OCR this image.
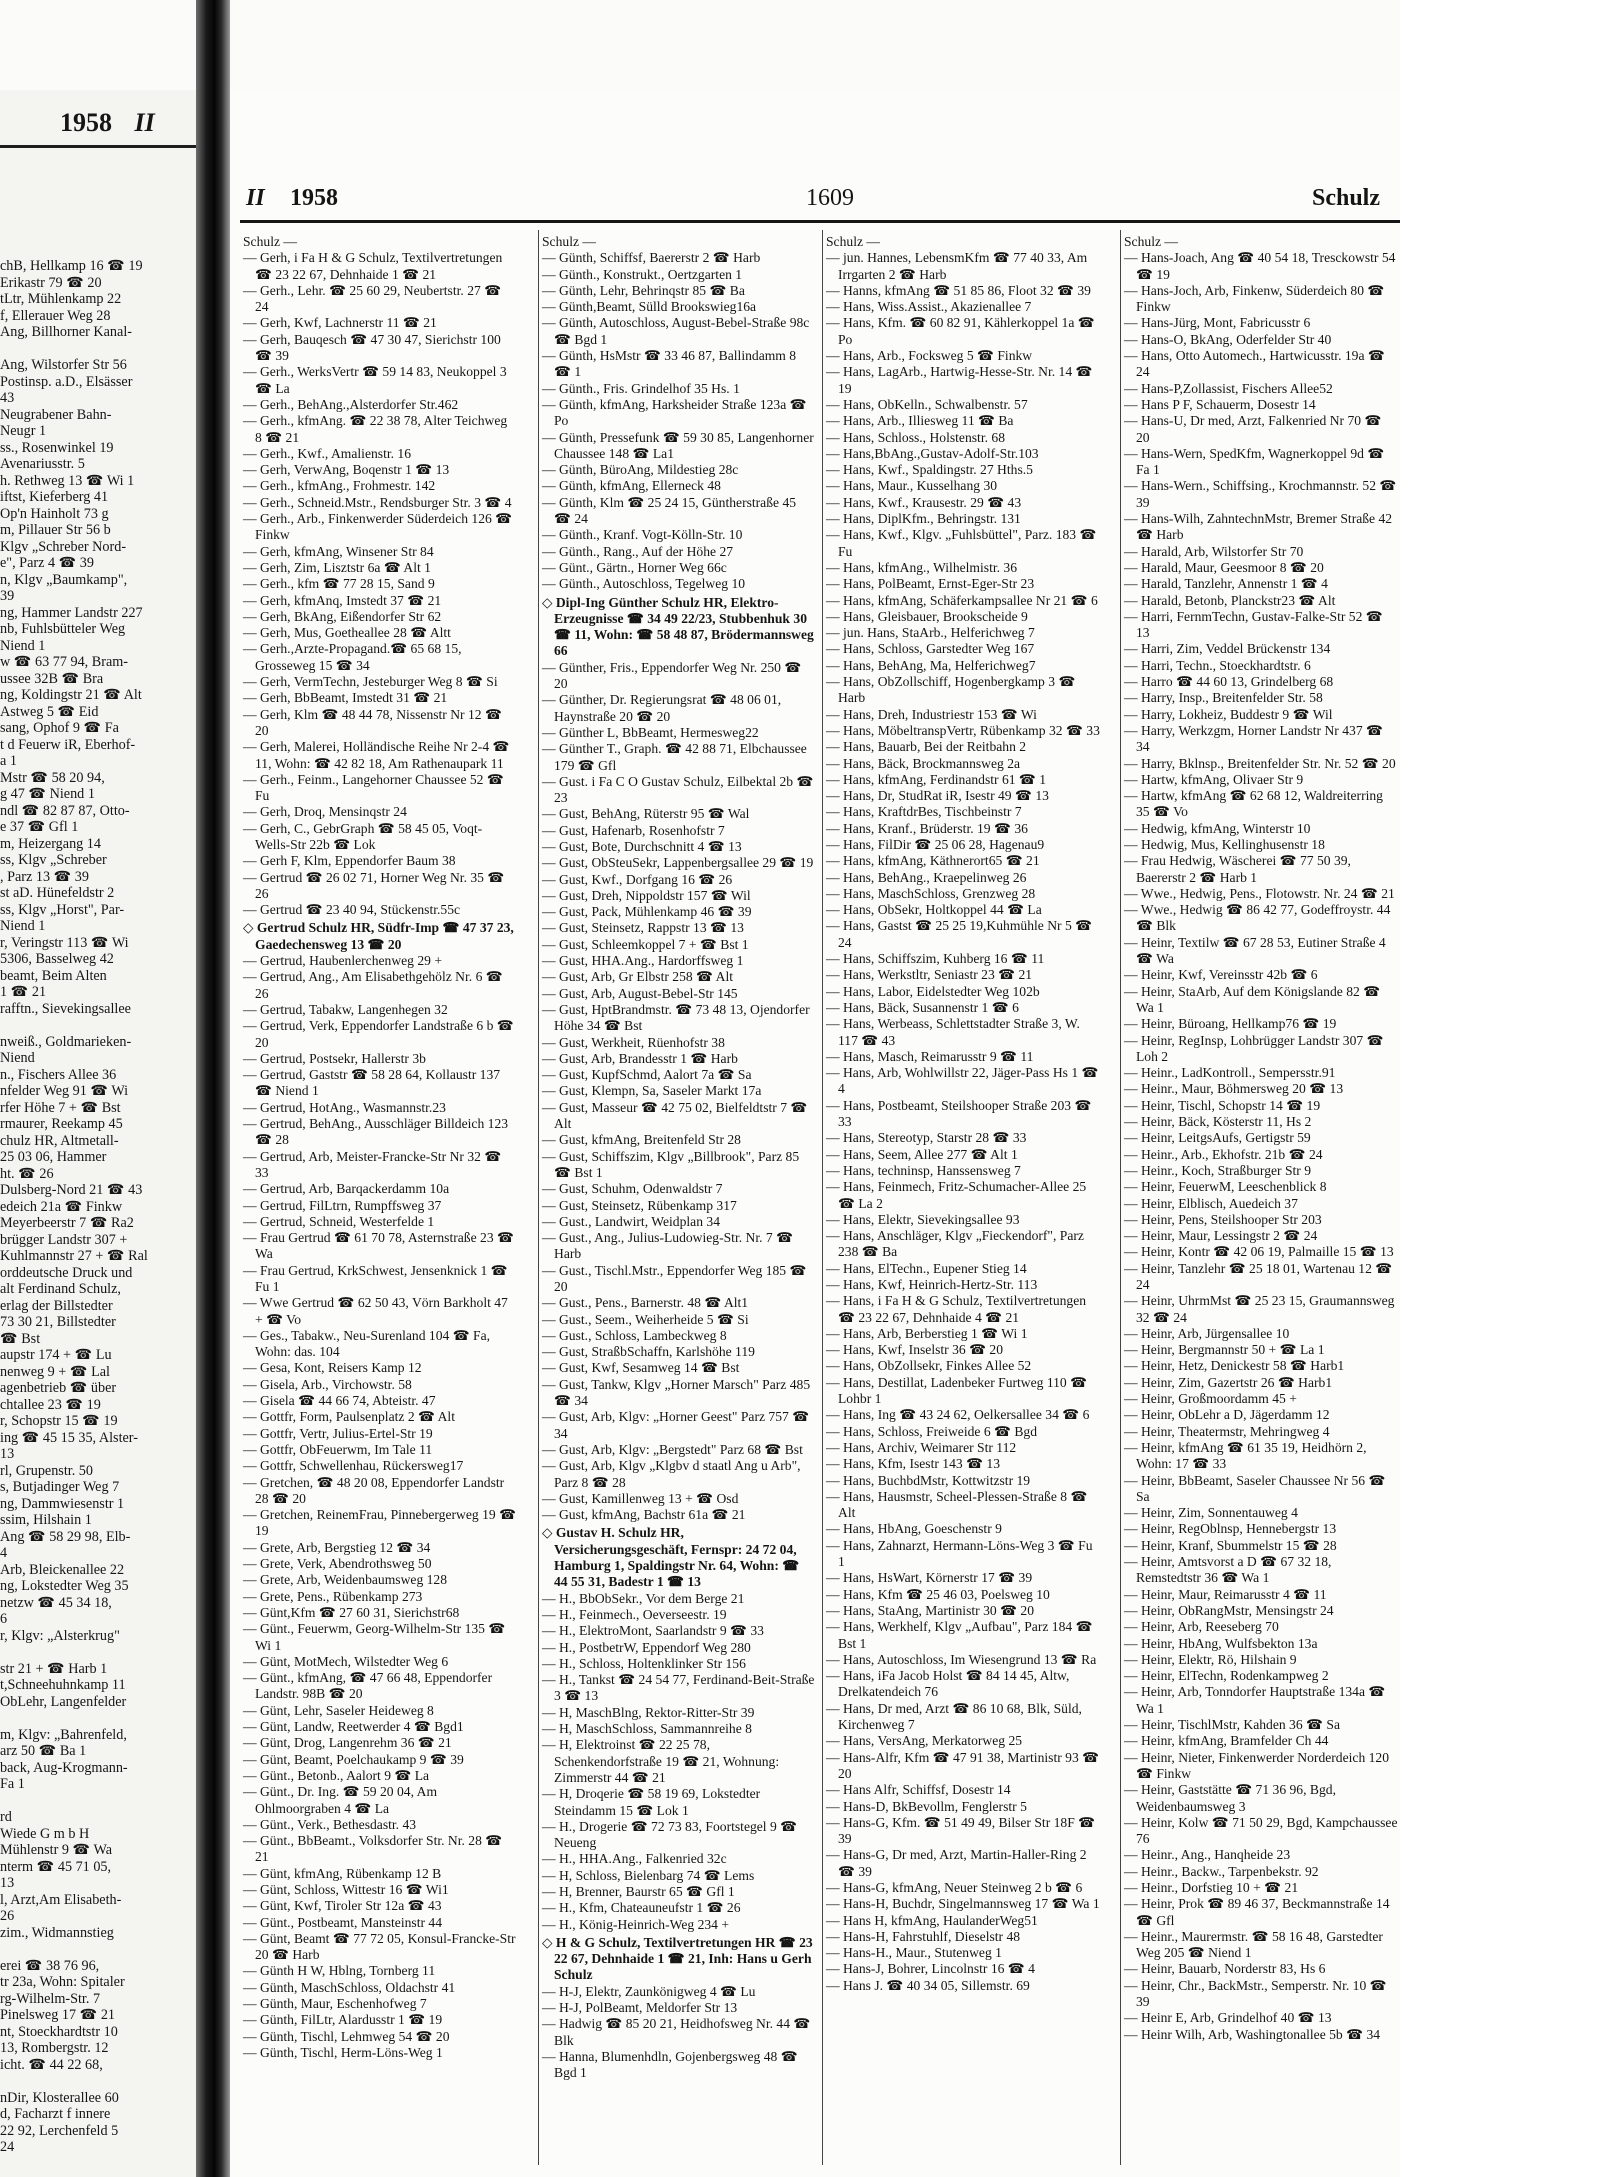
1958 II
chB, Hellkamp 16 ☎ 19
Erikastr 79 ☎ 20
tLtr, Mühlenkamp 22
f, Ellerauer Weg 28
Ang, Billhorner Kanal-

Ang, Wilstorfer Str 56
Postinsp. a.D., Elsässer
43
Neugrabener Bahn-
Neugr 1
ss., Rosenwinkel 19
Avenariusstr. 5
h. Rethweg 13 ☎ Wi 1
iftst, Kieferberg 41
Op'n Hainholt 73 g
m, Pillauer Str 56 b
Klgv „Schreber Nord-
e", Parz 4 ☎ 39
n, Klgv „Baumkamp",
39
ng, Hammer Landstr 227
nb, Fuhlsbütteler Weg
Niend 1
w ☎ 63 77 94, Bram-
ussee 32B ☎ Bra
ng, Koldingstr 21 ☎ Alt
Astweg 5 ☎ Eid
sang, Ophof 9 ☎ Fa
t d Feuerw iR, Eberhof-
a 1
Mstr ☎ 58 20 94,
g 47 ☎ Niend 1
ndl ☎ 82 87 87, Otto-
e 37 ☎ Gfl 1
m, Heizergang 14
ss, Klgv „Schreber
, Parz 13 ☎ 39
st aD. Hünefeldstr 2
ss, Klgv „Horst", Par-
Niend 1
r, Veringstr 113 ☎ Wi
5306, Basselweg 42
beamt, Beim Alten
1 ☎ 21
rafftn., Sievekingsallee

nweiß., Goldmarieken-
Niend
n., Fischers Allee 36
nfelder Weg 91 ☎ Wi
rfer Höhe 7 + ☎ Bst
rmaurer, Reekamp 45
chulz HR, Altmetall-
25 03 06, Hammer
ht. ☎ 26
Dulsberg-Nord 21 ☎ 43
edeich 21a ☎ Finkw
Meyerbeerstr 7 ☎ Ra2
brügger Landstr 307 +
Kuhlmannstr 27 + ☎ Ral
orddeutsche Druck und
alt Ferdinand Schulz,
erlag der Billstedter
73 30 21, Billstedter
☎ Bst
aupstr 174 + ☎ Lu
nenweg 9 + ☎ Lal
agenbetrieb ☎ über
chtallee 23 ☎ 19
r, Schopstr 15 ☎ 19
ing ☎ 45 15 35, Alster-
13
rl, Grupenstr. 50
s, Butjadinger Weg 7
ng, Dammwiesenstr 1
ssim, Hilshain 1
Ang ☎ 58 29 98, Elb-
4
Arb, Bleickenallee 22
ng, Lokstedter Weg 35
netzw ☎ 45 34 18,
6
r, Klgv: „Alsterkrug"

str 21 + ☎ Harb 1
t,Schneehuhnkamp 11
ObLehr, Langenfelder

m, Klgv: „Bahrenfeld,
arz 50 ☎ Ba 1
back, Aug-Krogmann-
Fa 1

rd
Wiede G m b H
Mühlenstr 9 ☎ Wa
nterm ☎ 45 71 05,
13
l, Arzt,Am Elisabeth-
26
zim., Widmannstieg

erei ☎ 38 76 96,
tr 23a, Wohn: Spitaler
rg-Wilhelm-Str. 7
Pinelsweg 17 ☎ 21
nt, Stoeckhardtstr 10
13, Rombergstr. 12
icht. ☎ 44 22 68,

nDir, Klosterallee 60
d, Facharzt f innere
22 92, Lerchenfeld 5
24
II 1958	1609	Schulz
Schulz —
— Gerh, i Fa H & G Schulz, Textilvertretungen ☎ 23 22 67, Dehnhaide 1 ☎ 21
— Gerh., Lehr. ☎ 25 60 29, Neubertstr. 27 ☎ 24
— Gerh, Kwf, Lachnerstr 11 ☎ 21
— Gerh, Bauqesch ☎ 47 30 47, Sierichstr 100 ☎ 39
— Gerh., WerksVertr ☎ 59 14 83, Neukoppel 3 ☎ La
— Gerh., BehAng.,Alsterdorfer Str.462
— Gerh., kfmAng. ☎ 22 38 78, Alter Teichweg 8 ☎ 21
— Gerh., Kwf., Amalienstr. 16
— Gerh, VerwAng, Boqenstr 1 ☎ 13
— Gerh., kfmAng., Frohmestr. 142
— Gerh., Schneid.Mstr., Rendsburger Str. 3 ☎ 4
— Gerh., Arb., Finkenwerder Süderdeich 126 ☎ Finkw
— Gerh, kfmAng, Winsener Str 84
— Gerh, Zim, Lisztstr 6a ☎ Alt 1
— Gerh., kfm ☎ 77 28 15, Sand 9
— Gerh, kfmAnq, Imstedt 37 ☎ 21
— Gerh, BkAng, Eißendorfer Str 62
— Gerh, Mus, Goetheallee 28 ☎ Altt
— Gerh.,Arzte-Propagand.☎ 65 68 15, Grosseweg 15 ☎ 34
— Gerh, VermTechn, Jesteburger Weg 8 ☎ Si
— Gerh, BbBeamt, Imstedt 31 ☎ 21
— Gerh, Klm ☎ 48 44 78, Nissenstr Nr 12 ☎ 20
— Gerh, Malerei, Holländische Reihe Nr 2-4 ☎ 11, Wohn: ☎ 42 82 18, Am Rathenaupark 11
— Gerh., Feinm., Langehorner Chaussee 52 ☎ Fu
— Gerh, Droq, Mensinqstr 24
— Gerh, C., GebrGraph ☎ 58 45 05, Voqt-Wells-Str 22b ☎ Lok
— Gerh F, Klm, Eppendorfer Baum 38
— Gertrud ☎ 26 02 71, Horner Weg Nr. 35 ☎ 26
— Gertrud ☎ 23 40 94, Stückenstr.55c
◇ Gertrud Schulz HR, Südfr-Imp ☎ 47 37 23, Gaedechensweg 13 ☎ 20
— Gertrud, Haubenlerchenweg 29 +
— Gertrud, Ang., Am Elisabethgehölz Nr. 6 ☎ 26
— Gertrud, Tabakw, Langenhegen 32
— Gertrud, Verk, Eppendorfer Landstraße 6 b ☎ 20
— Gertrud, Postsekr, Hallerstr 3b
— Gertrud, Gaststr ☎ 58 28 64, Kollaustr 137 ☎ Niend 1
— Gertrud, HotAng., Wasmannstr.23
— Gertrud, BehAng., Ausschläger Billdeich 123 ☎ 28
— Gertrud, Arb, Meister-Francke-Str Nr 32 ☎ 33
— Gertrud, Arb, Barqackerdamm 10a
— Gertrud, FilLtrn, Rumpffsweg 37
— Gertrud, Schneid, Westerfelde 1
— Frau Gertrud ☎ 61 70 78, Asternstraße 23 ☎ Wa
— Frau Gertrud, KrkSchwest, Jensenknick 1 ☎ Fu 1
— Wwe Gertrud ☎ 62 50 43, Vörn Barkholt 47 + ☎ Vo
— Ges., Tabakw., Neu-Surenland 104 ☎ Fa, Wohn: das. 104
— Gesa, Kont, Reisers Kamp 12
— Gisela, Arb., Virchowstr. 58
— Gisela ☎ 44 66 74, Abteistr. 47
— Gottfr, Form, Paulsenplatz 2 ☎ Alt
— Gottfr, Vertr, Julius-Ertel-Str 19
— Gottfr, ObFeuerwm, Im Tale 11
— Gottfr, Schwellenhau, Rückersweg17
— Gretchen, ☎ 48 20 08, Eppendorfer Landstr 28 ☎ 20
— Gretchen, ReinemFrau, Pinnebergerweg 19 ☎ 19
— Grete, Arb, Bergstieg 12 ☎ 34
— Grete, Verk, Abendrothsweg 50
— Grete, Arb, Weidenbaumsweg 128
— Grete, Pens., Rübenkamp 273
— Günt,Kfm ☎ 27 60 31, Sierichstr68
— Günt., Feuerwm, Georg-Wilhelm-Str 135 ☎ Wi 1
— Günt, MotMech, Wilstedter Weg 6
— Günt., kfmAng, ☎ 47 66 48, Eppendorfer Landstr. 98B ☎ 20
— Günt, Lehr, Saseler Heideweg 8
— Günt, Landw, Reetwerder 4 ☎ Bgd1
— Günt, Drog, Langenrehm 36 ☎ 21
— Günt, Beamt, Poelchaukamp 9 ☎ 39
— Günt., Betonb., Aalort 9 ☎ La
— Günt., Dr. Ing. ☎ 59 20 04, Am Ohlmoorgraben 4 ☎ La
— Günt., Verk., Bethesdastr. 43
— Günt., BbBeamt., Volksdorfer Str. Nr. 28 ☎ 21
— Günt, kfmAng, Rübenkamp 12 B
— Günt, Schloss, Wittestr 16 ☎ Wi1
— Günt, Kwf, Tiroler Str 12a ☎ 43
— Günt., Postbeamt, Mansteinstr 44
— Günt, Beamt ☎ 77 72 05, Konsul-Francke-Str 20 ☎ Harb
— Günth H W, Hblng, Tornberg 11
— Günth, MaschSchloss, Oldachstr 41
— Günth, Maur, Eschenhofweg 7
— Günth, FilLtr, Alardusstr 1 ☎ 19
— Günth, Tischl, Lehmweg 54 ☎ 20
— Günth, Tischl, Herm-Löns-Weg 1
Schulz —
— Günth, Schiffsf, Baererstr 2 ☎ Harb
— Günth., Konstrukt., Oertzgarten 1
— Günth, Lehr, Behrinqstr 85 ☎ Ba
— Günth,Beamt, Sülld Brookswieg16a
— Günth, Autoschloss, August-Bebel-Straße 98c ☎ Bgd 1
— Günth, HsMstr ☎ 33 46 87, Ballindamm 8 ☎ 1
— Günth., Fris. Grindelhof 35 Hs. 1
— Günth, kfmAng, Harksheider Straße 123a ☎ Po
— Günth, Pressefunk ☎ 59 30 85, Langenhorner Chaussee 148 ☎ La1
— Günth, BüroAng, Mildestieg 28c
— Günth, kfmAng, Ellerneck 48
— Günth, Klm ☎ 25 24 15, Güntherstraße 45 ☎ 24
— Günth., Kranf. Vogt-Kölln-Str. 10
— Günth., Rang., Auf der Höhe 27
— Günt., Gärtn., Horner Weg 66c
— Günth., Autoschloss, Tegelweg 10
◇ Dipl-Ing Günther Schulz HR, Elektro-Erzeugnisse ☎ 34 49 22/23, Stubbenhuk 30 ☎ 11, Wohn: ☎ 58 48 87, Brödermannsweg 66
— Günther, Fris., Eppendorfer Weg Nr. 250 ☎ 20
— Günther, Dr. Regierungsrat ☎ 48 06 01, Haynstraße 20 ☎ 20
— Günther L, BbBeamt, Hermesweg22
— Günther T., Graph. ☎ 42 88 71, Elbchaussee 179 ☎ Gfl
— Gust. i Fa C O Gustav Schulz, Eilbektal 2b ☎ 23
— Gust, BehAng, Rüterstr 95 ☎ Wal
— Gust, Hafenarb, Rosenhofstr 7
— Gust, Bote, Durchschnitt 4 ☎ 13
— Gust, ObSteuSekr, Lappenbergsallee 29 ☎ 19
— Gust, Kwf., Dorfgang 16 ☎ 26
— Gust, Dreh, Nippoldstr 157 ☎ Wil
— Gust, Pack, Mühlenkamp 46 ☎ 39
— Gust, Steinsetz, Rappstr 13 ☎ 13
— Gust, Schleemkoppel 7 + ☎ Bst 1
— Gust, HHA.Ang., Hardorffsweg 1
— Gust, Arb, Gr Elbstr 258 ☎ Alt
— Gust, Arb, August-Bebel-Str 145
— Gust, HptBrandmstr. ☎ 73 48 13, Ojendorfer Höhe 34 ☎ Bst
— Gust, Werkheit, Rüenhofstr 38
— Gust, Arb, Brandesstr 1 ☎ Harb
— Gust, KupfSchmd, Aalort 7a ☎ Sa
— Gust, Klempn, Sa, Saseler Markt 17a
— Gust, Masseur ☎ 42 75 02, Bielfeldtstr 7 ☎ Alt
— Gust, kfmAng, Breitenfeld Str 28
— Gust, Schiffszim, Klgv „Billbrook", Parz 85 ☎ Bst 1
— Gust, Schuhm, Odenwaldstr 7
— Gust, Steinsetz, Rübenkamp 317
— Gust., Landwirt, Weidplan 34
— Gust., Ang., Julius-Ludowieg-Str. Nr. 7 ☎ Harb
— Gust., Tischl.Mstr., Eppendorfer Weg 185 ☎ 20
— Gust., Pens., Barnerstr. 48 ☎ Alt1
— Gust., Seem., Weiherheide 5 ☎ Si
— Gust., Schloss, Lambeckweg 8
— Gust, StraßbSchaffn, Karlshöhe 119
— Gust, Kwf, Sesamweg 14 ☎ Bst
— Gust, Tankw, Klgv „Horner Marsch" Parz 485 ☎ 34
— Gust, Arb, Klgv: „Horner Geest" Parz 757 ☎ 34
— Gust, Arb, Klgv: „Bergstedt" Parz 68 ☎ Bst
— Gust, Arb, Klgv „Klgbv d staatl Ang u Arb", Parz 8 ☎ 28
— Gust, Kamillenweg 13 + ☎ Osd
— Gust, kfmAng, Bachstr 61a ☎ 21
◇ Gustav H. Schulz HR, Versicherungsgeschäft, Fernspr: 24 72 04, Hamburg 1, Spaldingstr Nr. 64, Wohn: ☎ 44 55 31, Badestr 1 ☎ 13
— H., BbObSekr., Vor dem Berge 21
— H., Feinmech., Oeverseestr. 19
— H., ElektroMont, Saarlandstr 9 ☎ 33
— H., PostbetrW, Eppendorf Weg 280
— H., Schloss, Holtenklinker Str 156
— H., Tankst ☎ 24 54 77, Ferdinand-Beit-Straße 3 ☎ 13
— H, MaschBlng, Rektor-Ritter-Str 39
— H, MaschSchloss, Sammannreihe 8
— H, Elektroinst ☎ 22 25 78, Schenkendorfstraße 19 ☎ 21, Wohnung: Zimmerstr 44 ☎ 21
— H, Droqerie ☎ 58 19 69, Lokstedter Steindamm 15 ☎ Lok 1
— H., Drogerie ☎ 72 73 83, Foortstegel 9 ☎ Neueng
— H., HHA.Ang., Falkenried 32c
— H, Schloss, Bielenbarg 74 ☎ Lems
— H, Brenner, Baurstr 65 ☎ Gfl 1
— H., Kfm, Chateauneufstr 1 ☎ 26
— H., König-Heinrich-Weg 234 +
◇ H & G Schulz, Textilvertretungen HR ☎ 23 22 67, Dehnhaide 1 ☎ 21, Inh: Hans u Gerh Schulz
— H-J, Elektr, Zaunkönigweg 4 ☎ Lu
— H-J, PolBeamt, Meldorfer Str 13
— Hadwig ☎ 85 20 21, Heidhofsweg Nr. 44 ☎ Blk
— Hanna, Blumenhdln, Gojenbergsweg 48 ☎ Bgd 1
Schulz —
— jun. Hannes, LebensmKfm ☎ 77 40 33, Am Irrgarten 2 ☎ Harb
— Hanns, kfmAng ☎ 51 85 86, Floot 32 ☎ 39
— Hans, Wiss.Assist., Akazienallee 7
— Hans, Kfm. ☎ 60 82 91, Kählerkoppel 1a ☎ Po
— Hans, Arb., Focksweg 5 ☎ Finkw
— Hans, LagArb., Hartwig-Hesse-Str. Nr. 14 ☎ 19
— Hans, ObKelln., Schwalbenstr. 57
— Hans, Arb., Illiesweg 11 ☎ Ba
— Hans, Schloss., Holstenstr. 68
— Hans,BbAng.,Gustav-Adolf-Str.103
— Hans, Kwf., Spaldingstr. 27 Hths.5
— Hans, Maur., Kusselhang 30
— Hans, Kwf., Krausestr. 29 ☎ 43
— Hans, DiplKfm., Behringstr. 131
— Hans, Kwf., Klgv. „Fuhlsbüttel", Parz. 183 ☎ Fu
— Hans, kfmAng., Wilhelmistr. 36
— Hans, PolBeamt, Ernst-Eger-Str 23
— Hans, kfmAng, Schäferkampsallee Nr 21 ☎ 6
— Hans, Gleisbauer, Brookscheide 9
— jun. Hans, StaArb., Helferichweg 7
— Hans, Schloss, Garstedter Weg 167
— Hans, BehAng, Ma, Helferichweg7
— Hans, ObZollschiff, Hogenbergkamp 3 ☎ Harb
— Hans, Dreh, Industriestr 153 ☎ Wi
— Hans, MöbeltranspVertr, Rübenkamp 32 ☎ 33
— Hans, Bauarb, Bei der Reitbahn 2
— Hans, Bäck, Brockmannsweg 2a
— Hans, kfmAng, Ferdinandstr 61 ☎ 1
— Hans, Dr, StudRat iR, Isestr 49 ☎ 13
— Hans, KraftdrBes, Tischbeinstr 7
— Hans, Kranf., Brüderstr. 19 ☎ 36
— Hans, FilDir ☎ 25 06 28, Hagenau9
— Hans, kfmAng, Käthnerort65 ☎ 21
— Hans, BehAng., Kraepelinweg 26
— Hans, MaschSchloss, Grenzweg 28
— Hans, ObSekr, Holtkoppel 44 ☎ La
— Hans, Gastst ☎ 25 25 19,Kuhmühle Nr 5 ☎ 24
— Hans, Schiffszim, Kuhberg 16 ☎ 11
— Hans, Werkstltr, Seniastr 23 ☎ 21
— Hans, Labor, Eidelstedter Weg 102b
— Hans, Bäck, Susannenstr 1 ☎ 6
— Hans, Werbeass, Schlettstadter Straße 3, W. 117 ☎ 43
— Hans, Masch, Reimarusstr 9 ☎ 11
— Hans, Arb, Wohlwillstr 22, Jäger-Pass Hs 1 ☎ 4
— Hans, Postbeamt, Steilshooper Straße 203 ☎ 33
— Hans, Stereotyp, Starstr 28 ☎ 33
— Hans, Seem, Allee 277 ☎ Alt 1
— Hans, techninsp, Hanssensweg 7
— Hans, Feinmech, Fritz-Schumacher-Allee 25 ☎ La 2
— Hans, Elektr, Sievekingsallee 93
— Hans, Anschläger, Klgv „Fieckendorf", Parz 238 ☎ Ba
— Hans, ElTechn., Eupener Stieg 14
— Hans, Kwf, Heinrich-Hertz-Str. 113
— Hans, i Fa H & G Schulz, Textilvertretungen ☎ 23 22 67, Dehnhaide 4 ☎ 21
— Hans, Arb, Berberstieg 1 ☎ Wi 1
— Hans, Kwf, Inselstr 36 ☎ 20
— Hans, ObZollsekr, Finkes Allee 52
— Hans, Destillat, Ladenbeker Furtweg 110 ☎ Lohbr 1
— Hans, Ing ☎ 43 24 62, Oelkersallee 34 ☎ 6
— Hans, Schloss, Freiweide 6 ☎ Bgd
— Hans, Archiv, Weimarer Str 112
— Hans, Kfm, Isestr 143 ☎ 13
— Hans, BuchbdMstr, Kottwitzstr 19
— Hans, Hausmstr, Scheel-Plessen-Straße 8 ☎ Alt
— Hans, HbAng, Goeschenstr 9
— Hans, Zahnarzt, Hermann-Löns-Weg 3 ☎ Fu 1
— Hans, HsWart, Körnerstr 17 ☎ 39
— Hans, Kfm ☎ 25 46 03, Poelsweg 10
— Hans, StaAng, Martinistr 30 ☎ 20
— Hans, Werkhelf, Klgv „Aufbau", Parz 184 ☎ Bst 1
— Hans, Autoschloss, Im Wiesengrund 13 ☎ Ra
— Hans, iFa Jacob Holst ☎ 84 14 45, Altw, Drelkatendeich 76
— Hans, Dr med, Arzt ☎ 86 10 68, Blk, Süld, Kirchenweg 7
— Hans, VersAng, Merkatorweg 25
— Hans-Alfr, Kfm ☎ 47 91 38, Martinistr 93 ☎ 20
— Hans Alfr, Schiffsf, Dosestr 14
— Hans-D, BkBevollm, Fenglerstr 5
— Hans-G, Kfm. ☎ 51 49 49, Bilser Str 18F ☎ 39
— Hans-G, Dr med, Arzt, Martin-Haller-Ring 2 ☎ 39
— Hans-G, kfmAng, Neuer Steinweg 2 b ☎ 6
— Hans-H, Buchdr, Singelmannsweg 17 ☎ Wa 1
— Hans H, kfmAng, HaulanderWeg51
— Hans-H, Fahrstuhlf, Dieselstr 48
— Hans-H., Maur., Stutenweg 1
— Hans-J, Bohrer, Lincolnstr 16 ☎ 4
— Hans J. ☎ 40 34 05, Sillemstr. 69
Schulz —
— Hans-Joach, Ang ☎ 40 54 18, Tresckowstr 54 ☎ 19
— Hans-Joch, Arb, Finkenw, Süderdeich 80 ☎ Finkw
— Hans-Jürg, Mont, Fabricusstr 6
— Hans-O, BkAng, Oderfelder Str 40
— Hans, Otto Automech., Hartwicusstr. 19a ☎ 24
— Hans-P,Zollassist, Fischers Allee52
— Hans P F, Schauerm, Dosestr 14
— Hans-U, Dr med, Arzt, Falkenried Nr 70 ☎ 20
— Hans-Wern, SpedKfm, Wagnerkoppel 9d ☎ Fa 1
— Hans-Wern., Schiffsing., Krochmannstr. 52 ☎ 39
— Hans-Wilh, ZahntechnMstr, Bremer Straße 42 ☎ Harb
— Harald, Arb, Wilstorfer Str 70
— Harald, Maur, Geesmoor 8 ☎ 20
— Harald, Tanzlehr, Annenstr 1 ☎ 4
— Harald, Betonb, Planckstr23 ☎ Alt
— Harri, FernmTechn, Gustav-Falke-Str 52 ☎ 13
— Harri, Zim, Veddel Brückenstr 134
— Harri, Techn., Stoeckhardtstr. 6
— Harro ☎ 44 60 13, Grindelberg 68
— Harry, Insp., Breitenfelder Str. 58
— Harry, Lokheiz, Buddestr 9 ☎ Wil
— Harry, Werkzgm, Horner Landstr Nr 437 ☎ 34
— Harry, Bklnsp., Breitenfelder Str. Nr. 52 ☎ 20
— Hartw, kfmAng, Olivaer Str 9
— Hartw, kfmAng ☎ 62 68 12, Waldreiterring 35 ☎ Vo
— Hedwig, kfmAng, Winterstr 10
— Hedwig, Mus, Kellinghusenstr 18
— Frau Hedwig, Wäscherei ☎ 77 50 39, Baererstr 2 ☎ Harb 1
— Wwe., Hedwig, Pens., Flotowstr. Nr. 24 ☎ 21
— Wwe., Hedwig ☎ 86 42 77, Godeffroystr. 44 ☎ Blk
— Heinr, Textilw ☎ 67 28 53, Eutiner Straße 4 ☎ Wa
— Heinr, Kwf, Vereinsstr 42b ☎ 6
— Heinr, StaArb, Auf dem Königslande 82 ☎ Wa 1
— Heinr, Büroang, Hellkamp76 ☎ 19
— Heinr, RegInsp, Lohbrügger Landstr 307 ☎ Loh 2
— Heinr., LadKontroll., Sempersstr.91
— Heinr., Maur, Böhmersweg 20 ☎ 13
— Heinr, Tischl, Schopstr 14 ☎ 19
— Heinr, Bäck, Kösterstr 11, Hs 2
— Heinr, LeitgsAufs, Gertigstr 59
— Heinr., Arb., Ekhofstr. 21b ☎ 24
— Heinr., Koch, Straßburger Str 9
— Heinr, FeuerwM, Leeschenblick 8
— Heinr, Elblisch, Auedeich 37
— Heinr, Pens, Steilshooper Str 203
— Heinr, Maur, Lessingstr 2 ☎ 24
— Heinr, Kontr ☎ 42 06 19, Palmaille 15 ☎ 13
— Heinr, Tanzlehr ☎ 25 18 01, Wartenau 12 ☎ 24
— Heinr, UhrmMst ☎ 25 23 15, Graumannsweg 32 ☎ 24
— Heinr, Arb, Jürgensallee 10
— Heinr, Bergmannstr 50 + ☎ La 1
— Heinr, Hetz, Denickestr 58 ☎ Harb1
— Heinr, Zim, Gazertstr 26 ☎ Harb1
— Heinr, Großmoordamm 45 +
— Heinr, ObLehr a D, Jägerdamm 12
— Heinr, Theatermstr, Mehringweg 4
— Heinr, kfmAng ☎ 61 35 19, Heidhörn 2, Wohn: 17 ☎ 33
— Heinr, BbBeamt, Saseler Chaussee Nr 56 ☎ Sa
— Heinr, Zim, Sonnentauweg 4
— Heinr, RegOblnsp, Hennebergstr 13
— Heinr, Kranf, Sbummelstr 15 ☎ 28
— Heinr, Amtsvorst a D ☎ 67 32 18, Remstedtstr 36 ☎ Wa 1
— Heinr, Maur, Reimarusstr 4 ☎ 11
— Heinr, ObRangMstr, Mensingstr 24
— Heinr, Arb, Reeseberg 70
— Heinr, HbAng, Wulfsbekton 13a
— Heinr, Elektr, Rö, Hilshain 9
— Heinr, ElTechn, Rodenkampweg 2
— Heinr, Arb, Tonndorfer Hauptstraße 134a ☎ Wa 1
— Heinr, TischlMstr, Kahden 36 ☎ Sa
— Heinr, kfmAng, Bramfelder Ch 44
— Heinr, Nieter, Finkenwerder Norderdeich 120 ☎ Finkw
— Heinr, Gaststätte ☎ 71 36 96, Bgd, Weidenbaumsweg 3
— Heinr, Kolw ☎ 71 50 29, Bgd, Kampchaussee 76
— Heinr., Ang., Hanqheide 23
— Heinr., Backw., Tarpenbekstr. 92
— Heinr., Dorfstieg 10 + ☎ 21
— Heinr, Prok ☎ 89 46 37, Beckmannstraße 14 ☎ Gfl
— Heinr., Maurermstr. ☎ 58 16 48, Garstedter Weg 205 ☎ Niend 1
— Heinr, Bauarb, Norderstr 83, Hs 6
— Heinr, Chr., BackMstr., Semperstr. Nr. 10 ☎ 39
— Heinr E, Arb, Grindelhof 40 ☎ 13
— Heinr Wilh, Arb, Washingtonallee 5b ☎ 34
